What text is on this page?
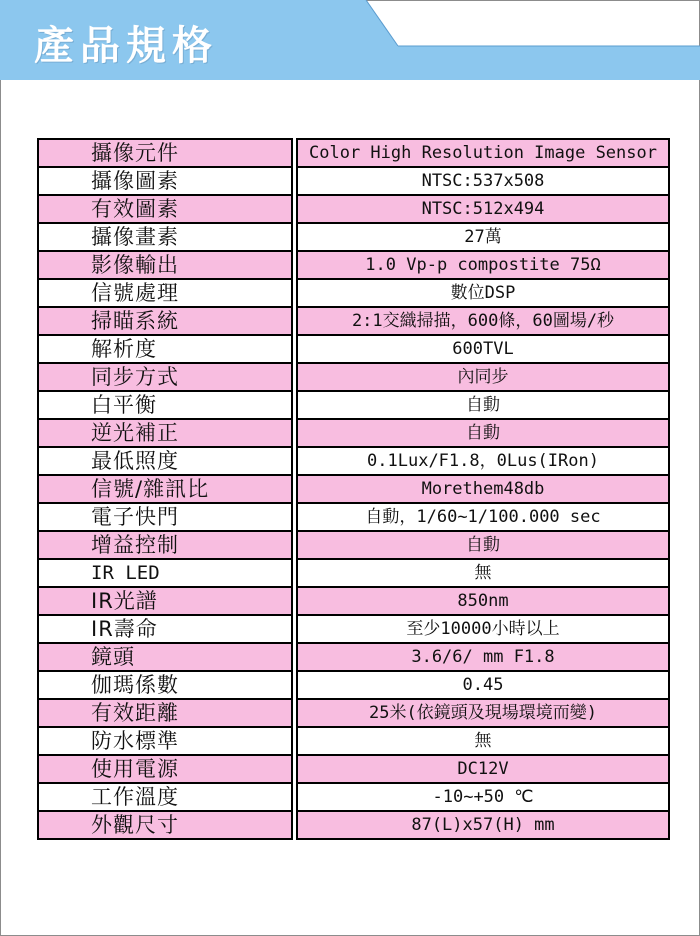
產品規格
攝像元件		Color High Resolution Image Sensor
攝像圖素		NTSC:537x508
有效圖素		NTSC:512x494
攝像畫素		27萬
影像輸出		1.0 Vp-p compostite 75Ω
信號處理		數位DSP
掃瞄系統		2:1交織掃描，600條，60圖場/秒
解析度		600TVL
同步方式		內同步
白平衡		自動
逆光補正		自動
最低照度		0.1Lux/F1.8，0Lus(IRon)
信號/雜訊比		Morethem48db
電子快門		自動，1/60~1/100.000 sec
增益控制		自動
IR LED		無
IR光譜		850nm
IR壽命		至少10000小時以上
鏡頭		3.6/6/ mm F1.8
伽瑪係數		0.45
有效距離		25米(依鏡頭及現場環境而變)
防水標準		無
使用電源		DC12V
工作溫度		-10~+50 ℃
外觀尺寸		87(L)x57(H) mm
